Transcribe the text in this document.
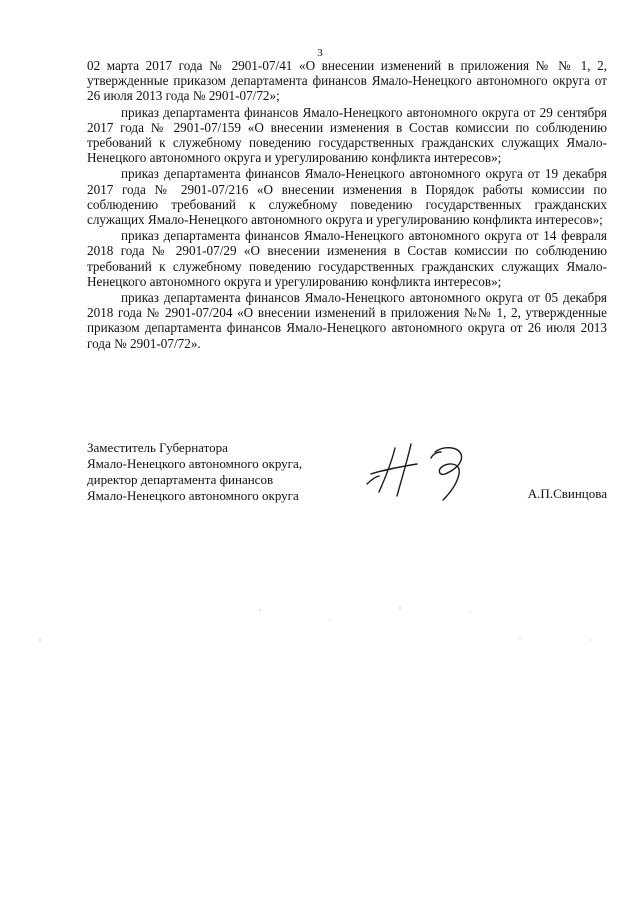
3

02 марта 2017 года № 2901-07/41 «О внесении изменений в приложения № № 1, 2, утвержденные приказом департамента финансов Ямало-Ненецкого автономного округа от 26 июля 2013 года № 2901-07/72»;

приказ департамента финансов Ямало-Ненецкого автономного округа от 29 сентября 2017 года № 2901-07/159 «О внесении изменения в Состав комиссии по соблюдению требований к служебному поведению государственных гражданских служащих Ямало-Ненецкого автономного округа и урегулированию конфликта интересов»;

приказ департамента финансов Ямало-Ненецкого автономного округа от 19 декабря 2017 года № 2901-07/216 «О внесении изменения в Порядок работы комиссии по соблюдению требований к служебному поведению государственных гражданских служащих Ямало-Ненецкого автономного округа и урегулированию конфликта интересов»;

приказ департамента финансов Ямало-Ненецкого автономного округа от 14 февраля 2018 года № 2901-07/29 «О внесении изменения в Состав комиссии по соблюдению требований к служебному поведению государственных гражданских служащих Ямало-Ненецкого автономного округа и урегулированию конфликта интересов»;

приказ департамента финансов Ямало-Ненецкого автономного округа от 05 декабря 2018 года № 2901-07/204 «О внесении изменений в приложения №№ 1, 2, утвержденные приказом департамента финансов Ямало-Ненецкого автономного округа от 26 июля 2013 года № 2901-07/72».

Заместитель Губернатора
Ямало-Ненецкого автономного округа,
директор департамента финансов
Ямало-Ненецкого автономного округа	А.П.Свинцова
